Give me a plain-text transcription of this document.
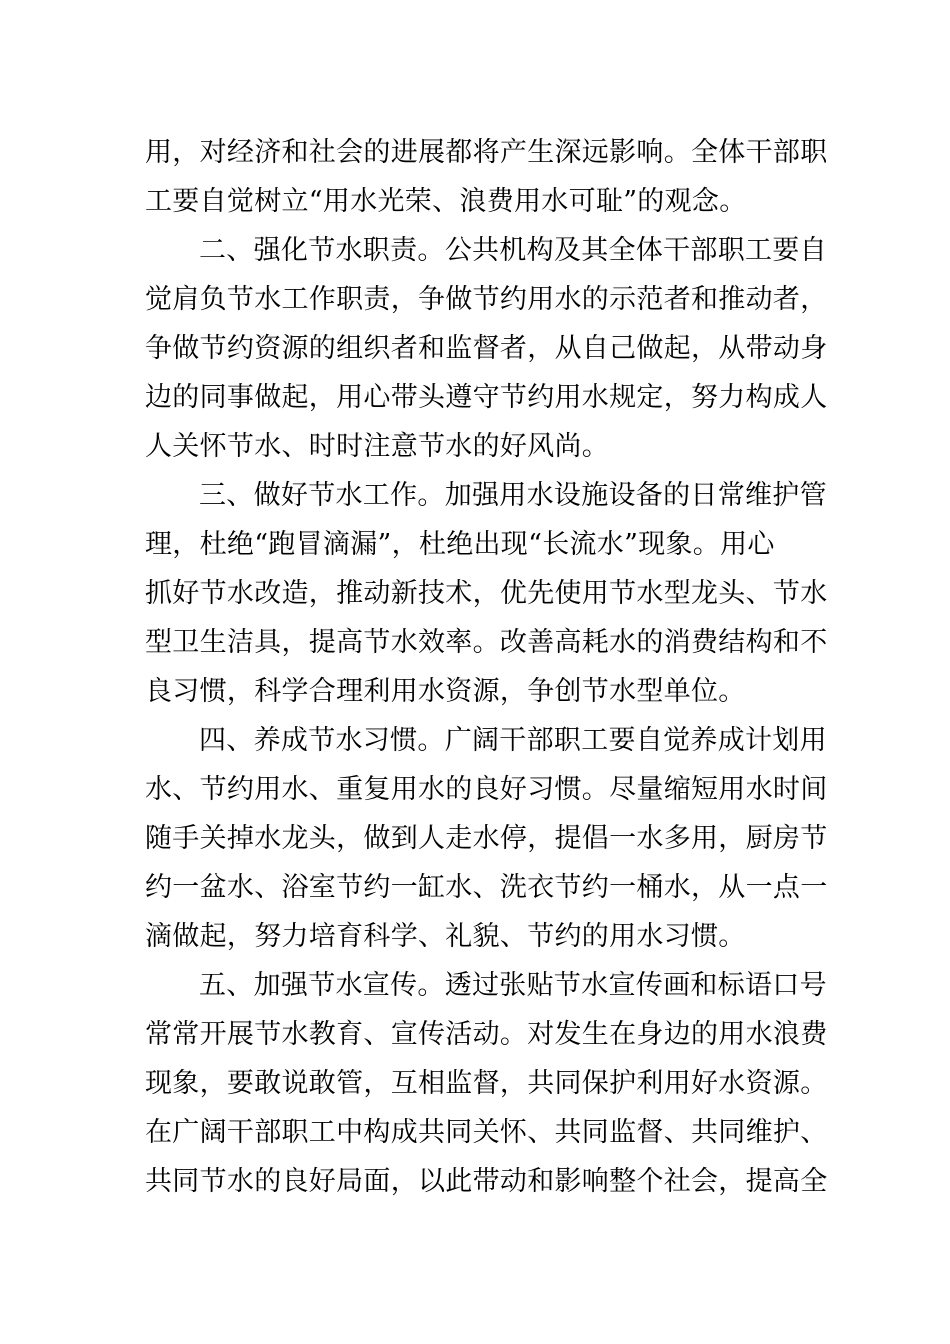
用，对经济和社会的进展都将产生深远影响。全体干部职
工要自觉树立“用水光荣、浪费用水可耻”的观念。
二、强化节水职责。公共机构及其全体干部职工要自
觉肩负节水工作职责，争做节约用水的示范者和推动者，
争做节约资源的组织者和监督者，从自己做起，从带动身
边的同事做起，用心带头遵守节约用水规定，努力构成人
人关怀节水、时时注意节水的好风尚。
三、做好节水工作。加强用水设施设备的日常维护管
理，杜绝“跑冒滴漏”，杜绝出现“长流水”现象。用心
抓好节水改造，推动新技术，优先使用节水型龙头、节水
型卫生洁具，提高节水效率。改善高耗水的消费结构和不
良习惯，科学合理利用水资源，争创节水型单位。
四、养成节水习惯。广阔干部职工要自觉养成计划用
水、节约用水、重复用水的良好习惯。尽量缩短用水时间
随手关掉水龙头，做到人走水停，提倡一水多用，厨房节
约一盆水、浴室节约一缸水、洗衣节约一桶水，从一点一
滴做起，努力培育科学、礼貌、节约的用水习惯。
五、加强节水宣传。透过张贴节水宣传画和标语口号
常常开展节水教育、宣传活动。对发生在身边的用水浪费
现象，要敢说敢管，互相监督，共同保护利用好水资源。
在广阔干部职工中构成共同关怀、共同监督、共同维护、
共同节水的良好局面，以此带动和影响整个社会，提高全
